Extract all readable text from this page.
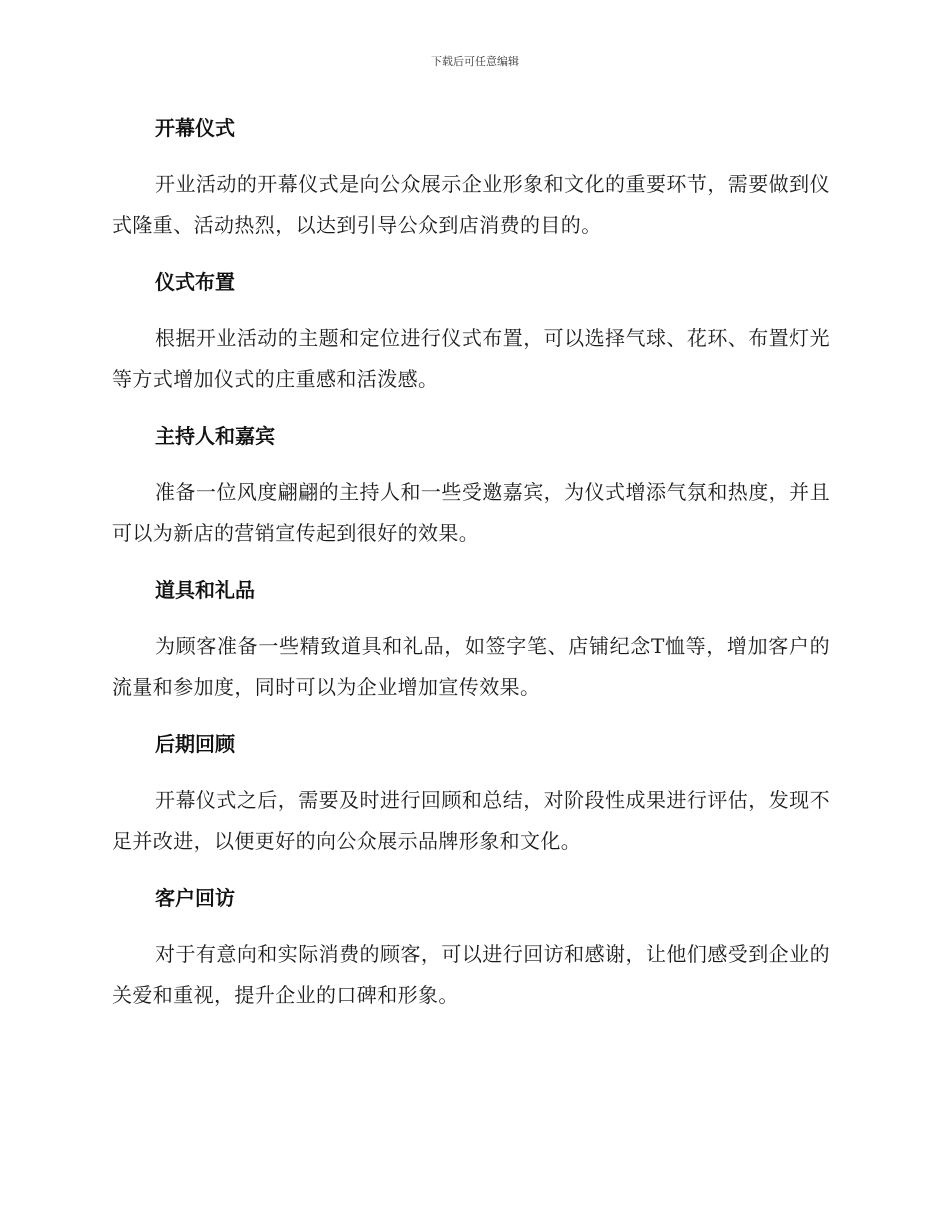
下载后可任意编辑
开幕仪式

开业活动的开幕仪式是向公众展示企业形象和文化的重要环节，需要做到仪式隆重、活动热烈，以达到引导公众到店消费的目的。

仪式布置

根据开业活动的主题和定位进行仪式布置，可以选择气球、花环、布置灯光等方式增加仪式的庄重感和活泼感。

主持人和嘉宾

准备一位风度翩翩的主持人和一些受邀嘉宾，为仪式增添气氛和热度，并且可以为新店的营销宣传起到很好的效果。

道具和礼品

为顾客准备一些精致道具和礼品，如签字笔、店铺纪念T恤等，增加客户的流量和参加度，同时可以为企业增加宣传效果。

后期回顾

开幕仪式之后，需要及时进行回顾和总结，对阶段性成果进行评估，发现不足并改进，以便更好的向公众展示品牌形象和文化。

客户回访

对于有意向和实际消费的顾客，可以进行回访和感谢，让他们感受到企业的关爱和重视，提升企业的口碑和形象。
